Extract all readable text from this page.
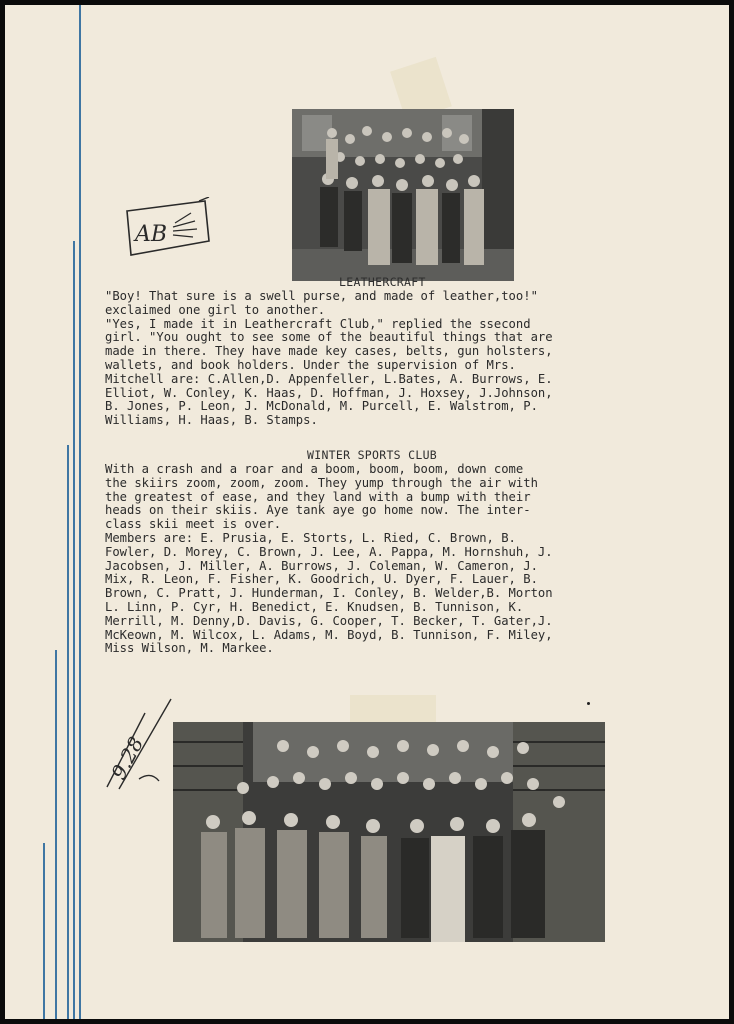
AB
LEATHERCRAFT
"Boy! That sure is a swell purse, and made of leather,too!"
exclaimed one girl to another.
"Yes, I made it in Leathercraft Club," replied the ssecond
girl. "You ought to see some of the beautiful things that are
made in there. They have made key cases, belts, gun holsters,
wallets, and book holders. Under the supervision of Mrs.
Mitchell are: C.Allen,D. Appenfeller, L.Bates, A. Burrows, E.
Elliot, W. Conley, K. Haas, D. Hoffman, J. Hoxsey, J.Johnson,
B. Jones, P. Leon, J. McDonald, M. Purcell, E. Walstrom, P.
Williams, H. Haas, B. Stamps.
WINTER SPORTS CLUB
With a crash and a roar and a boom, boom, boom, down come
the skiirs zoom, zoom, zoom. They yump through the air with
the greatest of ease, and they land with a bump with their
heads on their skiis. Aye tank aye go home now. The inter-
class skii meet is over.
Members are: E. Prusia, E. Storts, L. Ried, C. Brown, B.
Fowler, D. Morey, C. Brown, J. Lee, A. Pappa, M. Hornshuh, J.
Jacobsen, J. Miller, A. Burrows, J. Coleman, W. Cameron, J.
Mix, R. Leon, F. Fisher, K. Goodrich, U. Dyer, F. Lauer, B.
Brown, C. Pratt, J. Hunderman, I. Conley, B. Welder,B. Morton
L. Linn, P. Cyr, H. Benedict, E. Knudsen, B. Tunnison, K.
Merrill, M. Denny,D. Davis, G. Cooper, T. Becker, T. Gater,J.
McKeown, M. Wilcox, L. Adams, M. Boyd, B. Tunnison, F. Miley,
Miss Wilson, M. Markee.
9.28
